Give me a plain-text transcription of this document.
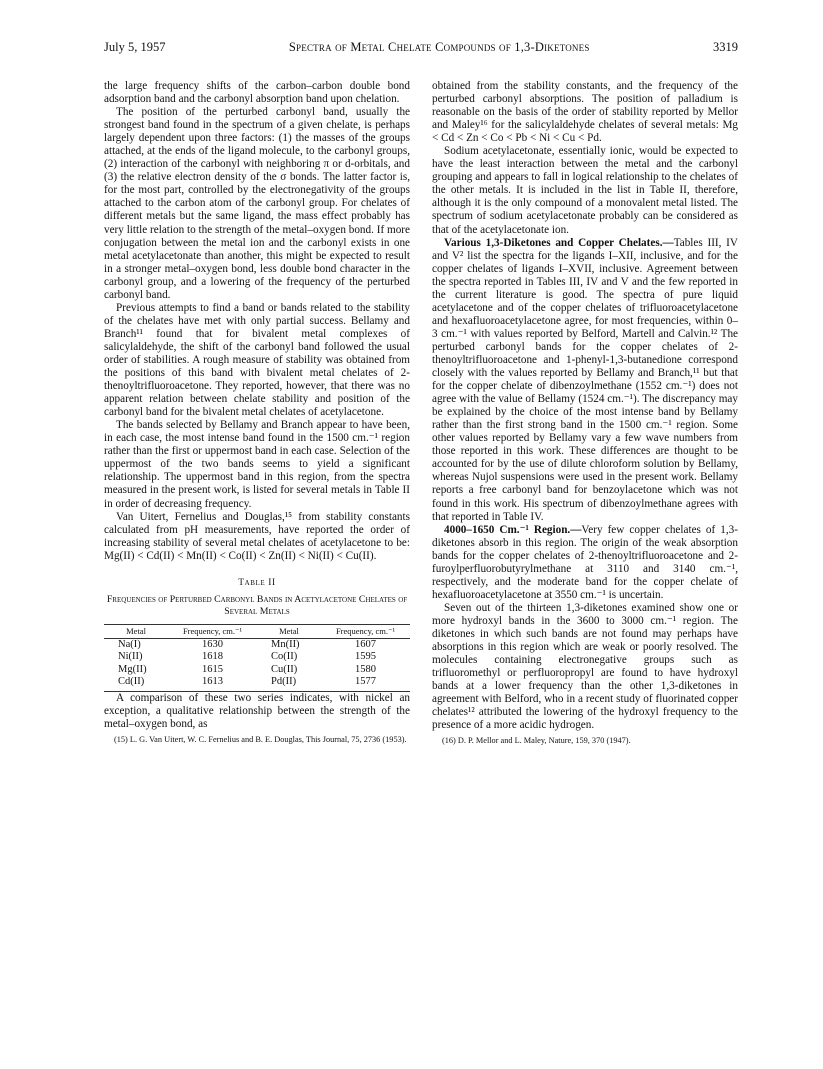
July 5, 1957	Spectra of Metal Chelate Compounds of 1,3-Diketones	3319

the large frequency shifts of the carbon–carbon double bond adsorption band and the carbonyl absorption band upon chelation.

The position of the perturbed carbonyl band, usually the strongest band found in the spectrum of a given chelate, is perhaps largely dependent upon three factors: (1) the masses of the groups attached, at the ends of the ligand molecule, to the carbonyl groups, (2) interaction of the carbonyl with neighboring π or d-orbitals, and (3) the relative electron density of the σ bonds. The latter factor is, for the most part, controlled by the electronegativity of the groups attached to the carbon atom of the carbonyl group. For chelates of different metals but the same ligand, the mass effect probably has very little relation to the strength of the metal–oxygen bond. If more conjugation between the metal ion and the carbonyl exists in one metal acetylacetonate than another, this might be expected to result in a stronger metal–oxygen bond, less double bond character in the carbonyl group, and a lowering of the frequency of the perturbed carbonyl band.

Previous attempts to find a band or bands related to the stability of the chelates have met with only partial success. Bellamy and Branch¹¹ found that for bivalent metal complexes of salicylaldehyde, the shift of the carbonyl band followed the usual order of stabilities. A rough measure of stability was obtained from the positions of this band with bivalent metal chelates of 2-thenoyltrifluoroacetone. They reported, however, that there was no apparent relation between chelate stability and position of the carbonyl band for the bivalent metal chelates of acetylacetone.

The bands selected by Bellamy and Branch appear to have been, in each case, the most intense band found in the 1500 cm.⁻¹ region rather than the first or uppermost band in each case. Selection of the uppermost of the two bands seems to yield a significant relationship. The uppermost band in this region, from the spectra measured in the present work, is listed for several metals in Table II in order of decreasing frequency.

Van Uitert, Fernelius and Douglas,¹⁵ from stability constants calculated from pH measurements, have reported the order of increasing stability of several metal chelates of acetylacetone to be: Mg(II) < Cd(II) < Mn(II) < Co(II) < Zn(II) < Ni(II) < Cu(II).

Table II
Frequencies of Perturbed Carbonyl Bands in Acetylacetone Chelates of Several Metals
Metal	Frequency, cm.⁻¹	Metal	Frequency, cm.⁻¹
Na(I)	1630	Mn(II)	1607
Ni(II)	1618	Co(II)	1595
Mg(II)	1615	Cu(II)	1580
Cd(II)	1613	Pd(II)	1577

A comparison of these two series indicates, with nickel an exception, a qualitative relationship between the strength of the metal–oxygen bond, as

(15) L. G. Van Uitert, W. C. Fernelius and B. E. Douglas, This Journal, 75, 2736 (1953).

obtained from the stability constants, and the frequency of the perturbed carbonyl absorptions. The position of palladium is reasonable on the basis of the order of stability reported by Mellor and Maley¹⁶ for the salicylaldehyde chelates of several metals: Mg < Cd < Zn < Co < Pb < Ni < Cu < Pd.

Sodium acetylacetonate, essentially ionic, would be expected to have the least interaction between the metal and the carbonyl grouping and appears to fall in logical relationship to the chelates of the other metals. It is included in the list in Table II, therefore, although it is the only compound of a monovalent metal listed. The spectrum of sodium acetylacetonate probably can be considered as that of the acetylacetonate ion.

Various 1,3-Diketones and Copper Chelates.—Tables III, IV and V² list the spectra for the ligands I–XII, inclusive, and for the copper chelates of ligands I–XVII, inclusive. Agreement between the spectra reported in Tables III, IV and V and the few reported in the current literature is good. The spectra of pure liquid acetylacetone and of the copper chelates of trifluoroacetylacetone and hexafluoroacetylacetone agree, for most frequencies, within 0–3 cm.⁻¹ with values reported by Belford, Martell and Calvin.¹² The perturbed carbonyl bands for the copper chelates of 2-thenoyltrifluoroacetone and 1-phenyl-1,3-butanedione correspond closely with the values reported by Bellamy and Branch,¹¹ but that for the copper chelate of dibenzoylmethane (1552 cm.⁻¹) does not agree with the value of Bellamy (1524 cm.⁻¹). The discrepancy may be explained by the choice of the most intense band by Bellamy rather than the first strong band in the 1500 cm.⁻¹ region. Some other values reported by Bellamy vary a few wave numbers from those reported in this work. These differences are thought to be accounted for by the use of dilute chloroform solution by Bellamy, whereas Nujol suspensions were used in the present work. Bellamy reports a free carbonyl band for benzoylacetone which was not found in this work. His spectrum of dibenzoylmethane agrees with that reported in Table IV.

4000–1650 Cm.⁻¹ Region.—Very few copper chelates of 1,3-diketones absorb in this region. The origin of the weak absorption bands for the copper chelates of 2-thenoyltrifluoroacetone and 2-furoylperfluorobutyrylmethane at 3110 and 3140 cm.⁻¹, respectively, and the moderate band for the copper chelate of hexafluoroacetylacetone at 3550 cm.⁻¹ is uncertain.

Seven out of the thirteen 1,3-diketones examined show one or more hydroxyl bands in the 3600 to 3000 cm.⁻¹ region. The diketones in which such bands are not found may perhaps have absorptions in this region which are weak or poorly resolved. The molecules containing electronegative groups such as trifluoromethyl or perfluoropropyl are found to have hydroxyl bands at a lower frequency than the other 1,3-diketones in agreement with Belford, who in a recent study of fluorinated copper chelates¹² attributed the lowering of the hydroxyl frequency to the presence of a more acidic hydrogen.

(16) D. P. Mellor and L. Maley, Nature, 159, 370 (1947).
